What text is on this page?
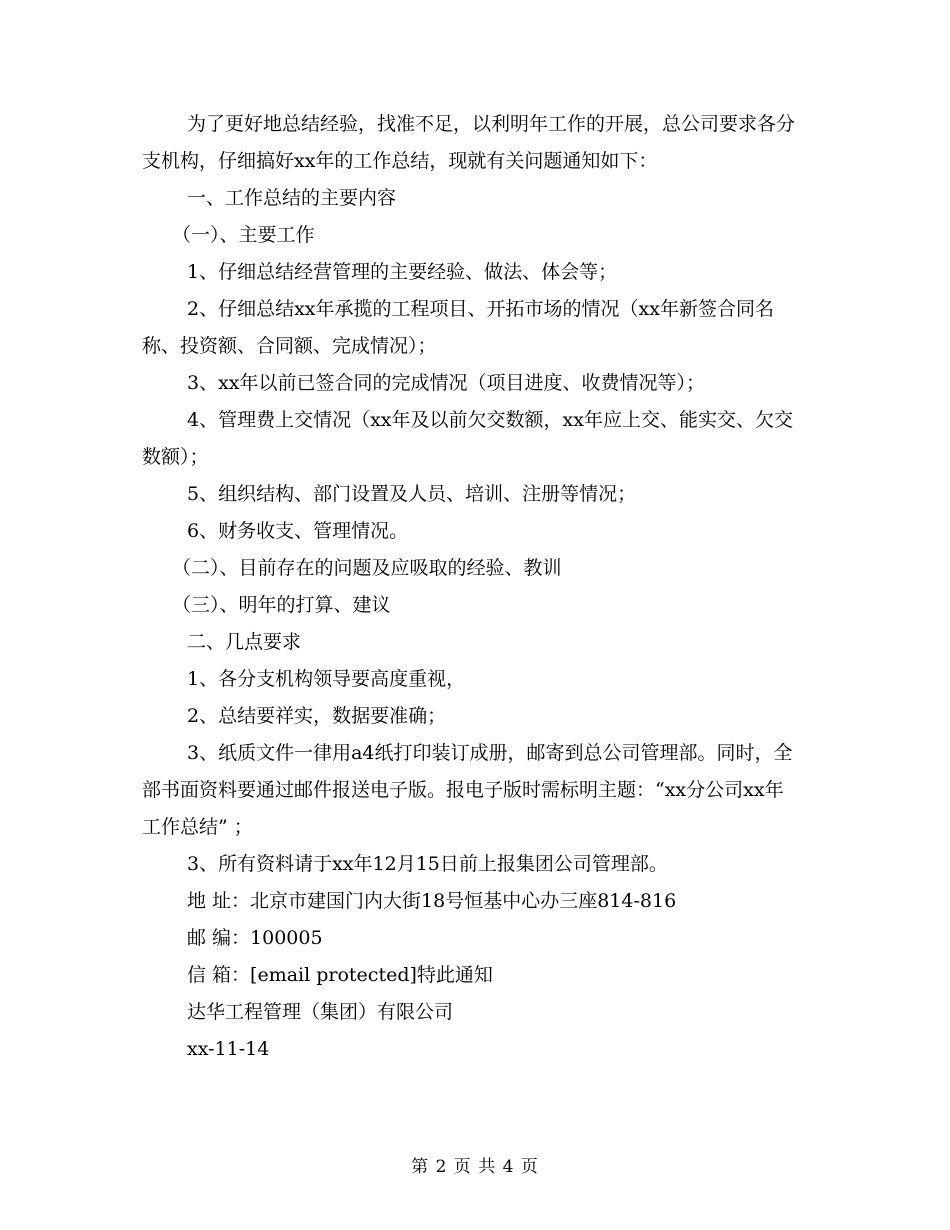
为了更好地总结经验，找准不足，以利明年工作的开展，总公司要求各分支机构，仔细搞好xx年的工作总结，现就有关问题通知如下：

一、工作总结的主要内容

（一）、主要工作

1、仔细总结经营管理的主要经验、做法、体会等；

2、仔细总结xx年承揽的工程项目、开拓市场的情况（xx年新签合同名称、投资额、合同额、完成情况）；

3、xx年以前已签合同的完成情况（项目进度、收费情况等）；

4、管理费上交情况（xx年及以前欠交数额，xx年应上交、能实交、欠交数额）；

5、组织结构、部门设置及人员、培训、注册等情况；

6、财务收支、管理情况。

（二）、目前存在的问题及应吸取的经验、教训

（三）、明年的打算、建议

二、几点要求

1、各分支机构领导要高度重视，

2、总结要祥实，数据要准确；

3、纸质文件一律用a4纸打印装订成册，邮寄到总公司管理部。同时，全部书面资料要通过邮件报送电子版。报电子版时需标明主题：“xx分公司xx年工作总结” ；

3、所有资料请于xx年12月15日前上报集团公司管理部。

地 址：北京市建国门内大街18号恒基中心办三座814-816

邮 编：100005

信 箱：[email protected]特此通知

达华工程管理（集团）有限公司

xx-11-14

第 2 页 共 4 页
